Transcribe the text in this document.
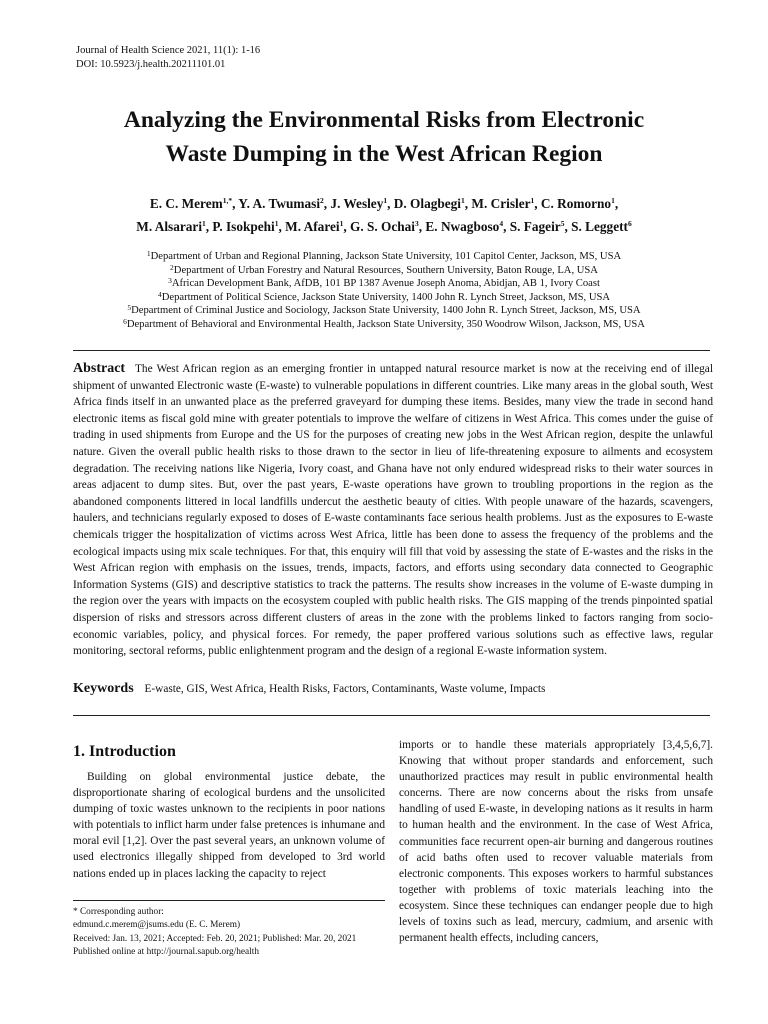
Journal of Health Science 2021, 11(1): 1-16
DOI: 10.5923/j.health.20211101.01
Analyzing the Environmental Risks from Electronic
Waste Dumping in the West African Region
E. C. Merem$^{1,*}$, Y. A. Twumasi$^2$, J. Wesley$^1$, D. Olagbegi$^1$, M. Crisler$^1$, C. Romorno$^1$,
M. Alsarari$^1$, P. Isokpehi$^1$, M. Afarei$^1$, G. S. Ochai$^3$, E. Nwagboso$^4$, S. Fageir$^5$, S. Leggett$^6$
$^1$Department of Urban and Regional Planning, Jackson State University, 101 Capitol Center, Jackson, MS, USA
$^2$Department of Urban Forestry and Natural Resources, Southern University, Baton Rouge, LA, USA
$^3$African Development Bank, AfDB, 101 BP 1387 Avenue Joseph Anoma, Abidjan, AB 1, Ivory Coast
$^4$Department of Political Science, Jackson State University, 1400 John R. Lynch Street, Jackson, MS, USA
$^5$Department of Criminal Justice and Sociology, Jackson State University, 1400 John R. Lynch Street, Jackson, MS, USA
$^6$Department of Behavioral and Environmental Health, Jackson State University, 350 Woodrow Wilson, Jackson, MS, USA
Abstract The West African region as an emerging frontier in untapped natural resource market is now at the receiving end of illegal shipment of unwanted Electronic waste (E-waste) to vulnerable populations in different countries. Like many areas in the global south, West Africa finds itself in an unwanted place as the preferred graveyard for dumping these items. Besides, many view the trade in second hand electronic items as fiscal gold mine with greater potentials to improve the welfare of citizens in West Africa. This comes under the guise of trading in used shipments from Europe and the US for the purposes of creating new jobs in the West African region, despite the unlawful nature. Given the overall public health risks to those drawn to the sector in lieu of life-threatening exposure to ailments and ecosystem degradation. The receiving nations like Nigeria, Ivory coast, and Ghana have not only endured widespread risks to their water sources in areas adjacent to dump sites. But, over the past years, E-waste operations have grown to troubling proportions in the region as the abandoned components littered in local landfills undercut the aesthetic beauty of cities. With people unaware of the hazards, scavengers, haulers, and technicians regularly exposed to doses of E-waste contaminants face serious health problems. Just as the exposures to E-waste chemicals trigger the hospitalization of victims across West Africa, little has been done to assess the frequency of the problems and the ecological impacts using mix scale techniques. For that, this enquiry will fill that void by assessing the state of E-wastes and the risks in the West African region with emphasis on the issues, trends, impacts, factors, and efforts using secondary data connected to Geographic Information Systems (GIS) and descriptive statistics to track the patterns. The results show increases in the volume of E-waste dumping in the region over the years with impacts on the ecosystem coupled with public health risks. The GIS mapping of the trends pinpointed spatial dispersion of risks and stressors across different clusters of areas in the zone with the problems linked to factors ranging from socio-economic variables, policy, and physical forces. For remedy, the paper proffered various solutions such as effective laws, regular monitoring, sectoral reforms, public enlightenment program and the design of a regional E-waste information system.
Keywords E-waste, GIS, West Africa, Health Risks, Factors, Contaminants, Waste volume, Impacts
1. Introduction

Building on global environmental justice debate, the disproportionate sharing of ecological burdens and the unsolicited dumping of toxic wastes unknown to the recipients in poor nations with potentials to inflict harm under false pretences is inhumane and moral evil [1,2]. Over the past several years, an unknown volume of used electronics illegally shipped from developed to 3rd world nations ended up in places lacking the capacity to reject

imports or to handle these materials appropriately [3,4,5,6,7]. Knowing that without proper standards and enforcement, such unauthorized practices may result in public environmental health concerns. There are now concerns about the risks from unsafe handling of used E-waste, in developing nations as it results in harm to human health and the environment. In the case of West Africa, communities face recurrent open-air burning and dangerous routines of acid baths often used to recover valuable materials from electronic components. This exposes workers to harmful substances together with problems of toxic materials leaching into the ecosystem. Since these techniques can endanger people due to high levels of toxins such as lead, mercury, cadmium, and arsenic with permanent health effects, including cancers,

* Corresponding author:
edmund.c.merem@jsums.edu (E. C. Merem)
Received: Jan. 13, 2021; Accepted: Feb. 20, 2021; Published: Mar. 20, 2021
Published online at http://journal.sapub.org/health
